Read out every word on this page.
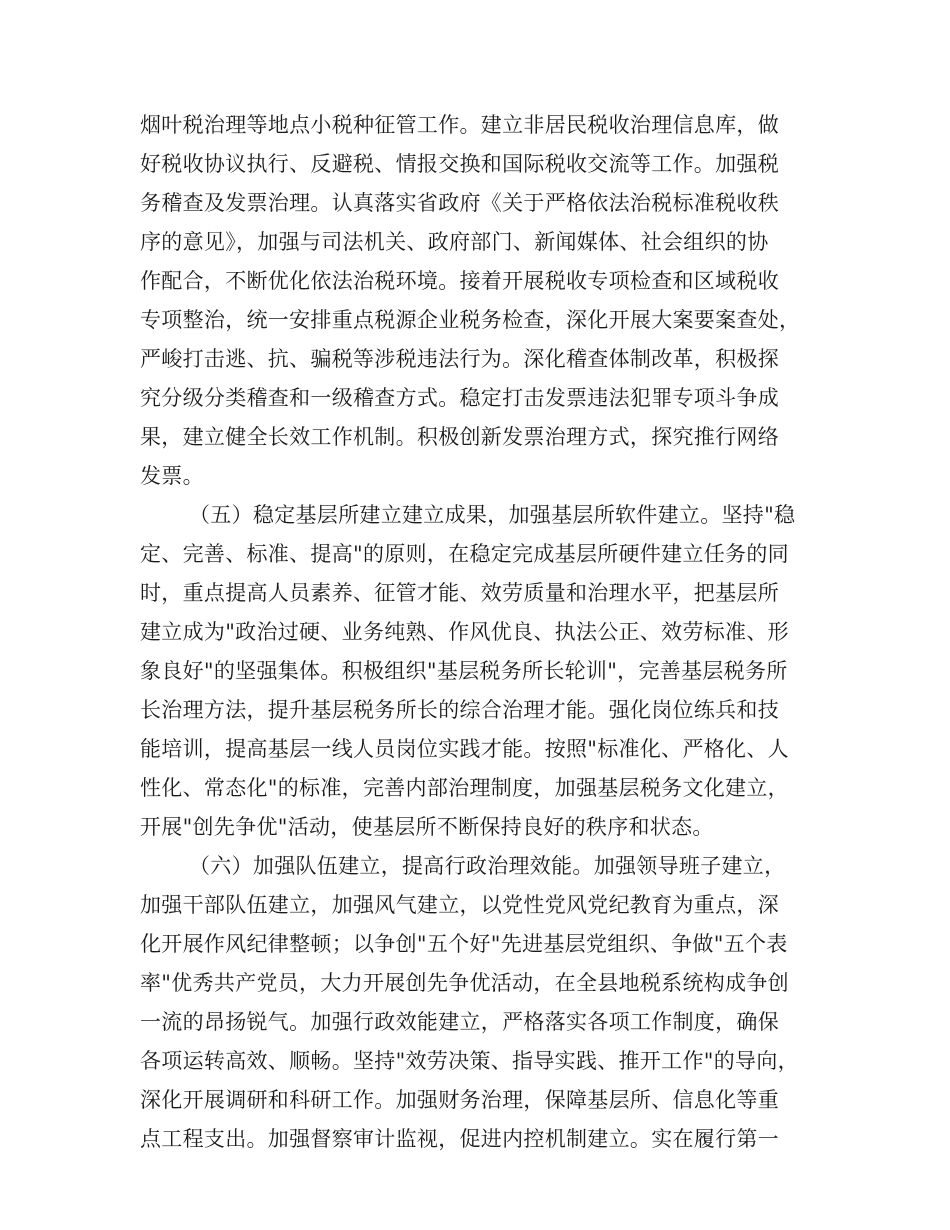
烟叶税治理等地点小税种征管工作。建立非居民税收治理信息库，做
好税收协议执行、反避税、情报交换和国际税收交流等工作。加强税
务稽查及发票治理。认真落实省政府《关于严格依法治税标准税收秩
序的意见》，加强与司法机关、政府部门、新闻媒体、社会组织的协
作配合，不断优化依法治税环境。接着开展税收专项检查和区域税收
专项整治，统一安排重点税源企业税务检查，深化开展大案要案查处，
严峻打击逃、抗、骗税等涉税违法行为。深化稽查体制改革，积极探
究分级分类稽查和一级稽查方式。稳定打击发票违法犯罪专项斗争成
果，建立健全长效工作机制。积极创新发票治理方式，探究推行网络
发票。
（五）稳定基层所建立建立成果，加强基层所软件建立。坚持"稳
定、完善、标准、提高"的原则，在稳定完成基层所硬件建立任务的同
时，重点提高人员素养、征管才能、效劳质量和治理水平，把基层所
建立成为"政治过硬、业务纯熟、作风优良、执法公正、效劳标准、形
象良好"的坚强集体。积极组织"基层税务所长轮训"，完善基层税务所
长治理方法，提升基层税务所长的综合治理才能。强化岗位练兵和技
能培训，提高基层一线人员岗位实践才能。按照"标准化、严格化、人
性化、常态化"的标准，完善内部治理制度，加强基层税务文化建立，
开展"创先争优"活动，使基层所不断保持良好的秩序和状态。
（六）加强队伍建立，提高行政治理效能。加强领导班子建立，
加强干部队伍建立，加强风气建立，以党性党风党纪教育为重点，深
化开展作风纪律整顿；以争创"五个好"先进基层党组织、争做"五个表
率"优秀共产党员，大力开展创先争优活动，在全县地税系统构成争创
一流的昂扬锐气。加强行政效能建立，严格落实各项工作制度，确保
各项运转高效、顺畅。坚持"效劳决策、指导实践、推开工作"的导向，
深化开展调研和科研工作。加强财务治理，保障基层所、信息化等重
点工程支出。加强督察审计监视，促进内控机制建立。实在履行第一
